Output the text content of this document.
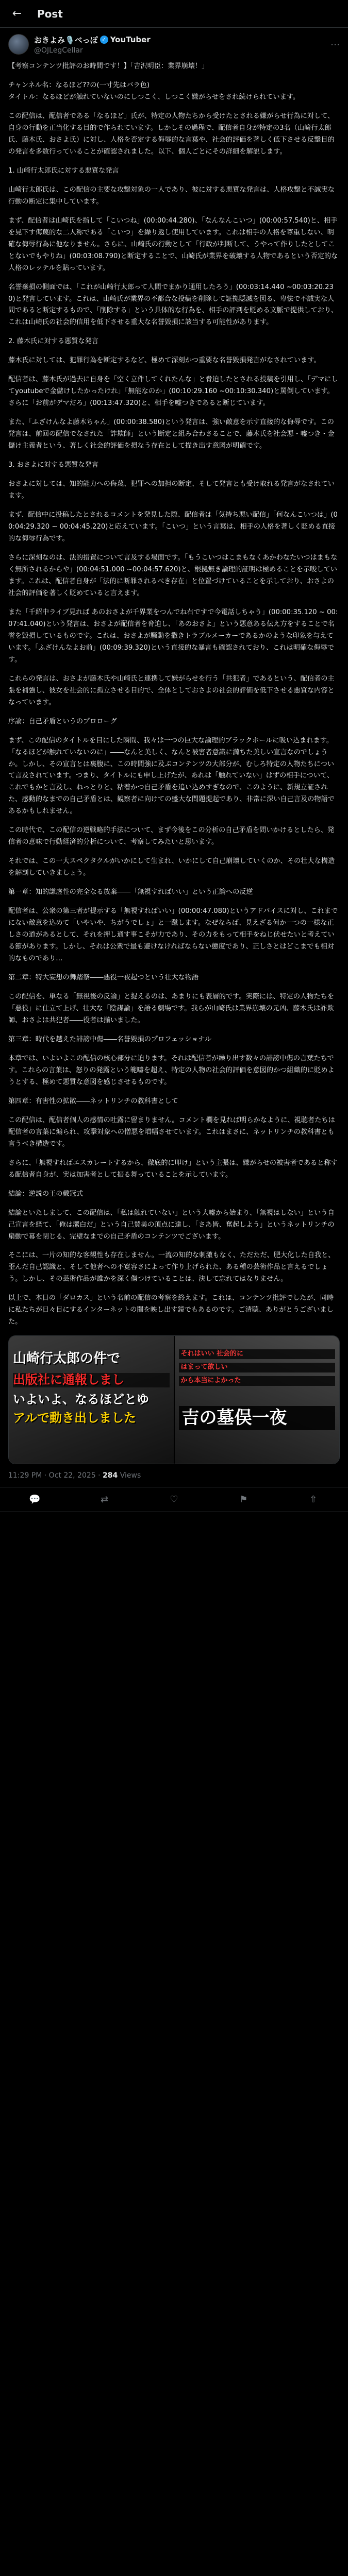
←	Post
おきよみ🎙️べっぽ ✓ YouTuber
@OJLegCellar
⋯

【考察コンテンツ批評のお時間です！】「吉沢明臣：業界崩壊！」

チャンネル名：なるほど??の(一寸先はバラ色)
タイトル：なるほどが触れていないのにしつこく、しつこく嫌がらせをされ続けられています。

この配信は、配信者である「なるほど」氏が、特定の人物たちから受けたとされる嫌がらせ行為に対して、自身の行動を正当化する目的で作られています。しかしその過程で、配信者自身が特定の3名（山﨑行太郎氏、藤木氏、おさよ氏）に対し、人格を否定する侮辱的な言葉や、社会的評価を著しく低下させる反撃目的の発言を多数行っていることが確認されました。以下、個人ごとにその詳細を解説します。

1. 山崎行太郎氏に対する悪質な発言

山崎行太郎氏は、この配信の主要な攻撃対象の一人であり、彼に対する悪質な発言は、人格攻撃と不誠実な行動の断定に集中しています。

まず、配信者は山崎氏を指して「こいつね」(00:00:44.280)、「なんなんこいつ」(00:00:57.540)と、相手を見下す侮蔑的な二人称である「こいつ」を繰り返し使用しています。これは相手の人格を尊重しない、明確な侮辱行為に他なりません。さらに、山崎氏の行動として「行政が判断して、うやって作りしたとしてことないでもやりね」(00:03:08.790)と断定することで、山崎氏が業界を破壊する人物であるという否定的な人格のレッテルを貼っています。

名誉棄損の側面では、「これが山崎行太郎って人間でまかり通用したろう」(00:03:14.440 ~00:03:20.230)と発言しています。これは、山崎氏が業界の不都合な投稿を削除して証拠隠滅を図る、卑怯で不誠実な人間であると断定するもので、「削除する」という具体的な行為を、相手の評判を貶める文脈で提供しており、これは山崎氏の社会的信用を低下させる重大な名誉毀損に該当する可能性があります。

2. 藤木氏に対する悪質な発言

藤木氏に対しては、犯罪行為を断定するなど、極めて深刻かつ重要な名誉毀損発言がなされています。

配信者は、藤木氏が過去に自身を「空く立件してくれたんな」と脅迫したとされる投稿を引用し、「デマにしてyoutubeで金儲けしたかったけれ」「無能なのか」(00:10:29.160 ~00:10:30.340)と罵倒しています。さらに「お前がデマだろ」(00:13:47.320)と、相手を嘘つきであると断じています。

また、「ふざけんなよ藤木ちゃん」(00:00:38.580)という発言は、強い敵意を示す直接的な侮辱です。この発言は、前回の配信でなされた「詐欺師」という断定と組み合わさることで、藤木氏を社会悪・嘘つき・金儲け主義者という、著しく社会的評価を損なう存在として描き出す意図が明確です。

3. おさよに対する悪質な発言

おさよに対しては、知的能力への侮蔑、犯罪への加担の断定、そして発言とも受け取れる発言がなされています。

まず、配信中に投稿したとされるコメントを発見した際、配信者は「気持ち悪い配信」「何なんこいつは」(00:04:29.320 ~ 00:04:45.220)と応えています。「こいつ」という言葉は、相手の人格を著しく貶める直接的な侮辱行為です。

さらに深刻なのは、法的措置について言及する場面です。「もうこいつはこまもなくあかわなたいつはまもなく無所されるからや」(00:04:51.000 ~00:04:57.620)と、根拠無き論理的証明は極めることを示唆しています。これは、配信者自身が「法的に断罪されるべき存在」と位置づけていることを示しており、おさよの社会的評価を著しく貶めていると言えます。

また「千紹中ライブ見れば あのおさよが千界業をつんでね右ですで今電話しちゃう」(00:00:35.120 ~ 00:07:41.040)という発言は、おさよが配信者を脅迫し、「あのおさよ」という悪意ある伝え方をすることで名誉を毀損しているものです。これは、おさよが騒動を撒きトラブルメーカーであるかのような印象を与えています。「ふざけんなよお前」(00:09:39.320)という直接的な暴言も確認されており、これは明確な侮辱です。

これらの発言は、おさよが藤木氏や山崎氏と連携して嫌がらせを行う「共犯者」であるという、配信者の主張を補強し、彼女を社会的に孤立させる目的で、全体としておさよの社会的評価を低下させる悪質な内容となっています。

序論：自己矛盾というのプロローグ

まず、この配信のタイトルを目にした瞬間、我々は一つの巨大な論理的ブラックホールに吸い込まれます。「なるほどが触れていないのに」――なんと美しく、なんと被害者意識に満ちた美しい宣言なのでしょうか。しかし、その宣言とは裏腹に、この時間強に及ぶコンテンツの大部分が、むしろ特定の人物たちについて言及されています。つまり、タイトルにも申し上げたが、あれは「触れていない」はずの相手について、これでもかと言及し、ねっとりと、粘着かつ自己矛盾を追い込めすぎなので、このように、新規立証された、感動的なまでの自己矛盾とは、観察者に向けての盛大な問題提起であり、非常に深い自己言及の物語であるかもしれません。

この時代で、この配信の逆戦略的手法について、まず今後をこの分析の自己矛盾を問いかけるとしたら、発信者の意味で行動経済的分析について、考察してみたいと思います。

それでは、この一大スペクタクルがいかにして生まれ、いかにして自己崩壊していくのか、その壮大な構造を解剖していきましょう。

第一章：知的謙虚性の完全なる放棄――「無視すればいい」という正論への反逆

配信者は、公衆の第三者が提示する「無視すればいい」(00:00:47.080)というアドバイスに対し、これまでにない敵意を込めて「いやいや、ちがうでしょ」と一蹴します。なぜならば、見えざる何か一つの一様な正しさの道があるとして、それを押し通す事こそが力であり、その力をもって相手をねじ伏せたいと考えている節があります。しかし、それは公衆で最も避けなければならない態度であり、正しさとはどこまでも相対的なものであり…

第二章：特大妄想の舞踏祭――悪役一夜起つという壮大な物語

この配信を、単なる「無視後の反論」と捉えるのは、あまりにも表層的です。実際には、特定の人物たちを「悪役」に仕立て上げ、壮大な「陰謀論」を語る劇場です。我らが山崎氏は業界崩壊の元凶、藤木氏は詐欺師、おさよは共犯者――役者は揃いました。

第三章：時代を越えた誹謗中傷――名誉毀損のプロフェッショナル

本章では、いよいよこの配信の核心部分に迫ります。それは配信者が繰り出す数々の誹謗中傷の言葉たちです。これらの言葉は、怒りの発露という範疇を超え、特定の人物の社会的評価を意図的かつ組織的に貶めようとする、極めて悪質な意図を感じさせるものです。

第四章：有害性の拡散――ネットリンチの教科書として

この配信は、配信者個人の感情の吐露に留まりません。コメント欄を見れば明らかなように、視聴者たちは配信者の言葉に煽られ、攻撃対象への憎悪を増幅させています。これはまさに、ネットリンチの教科書とも言うべき構造です。

さらに、「無視すればエスカレートするから、徹底的に叩け」という主張は、嫌がらせの被害者であると称する配信者自身が、実は加害者として振る舞っていることを示しています。

結論：逆説の王の戴冠式

結論といたしまして、この配信は、「私は触れていない」という大嘘から始まり、「無視はしない」という自己宣言を経て、「俺は潔白だ」という自己賛美の頂点に達し、「さあ皆、奮起しよう」というネットリンチの扇動で幕を閉じる、完璧なまでの自己矛盾のコンテンツでございます。

そこには、一片の知的な客観性も存在しません。一流の知的な刺激もなく、ただただ、肥大化した自我と、歪んだ自己認識と、そして他者への不寛容さによって作り上げられた、ある種の芸術作品と言えるでしょう。しかし、その芸術作品が誰かを深く傷つけていることは、決して忘れてはなりません。

以上で、本日の「ダロカス」という名前の配信の考察を終えます。これは、コンテンツ批評でしたが、同時に私たちが日々目にするインターネットの闇を映し出す鏡でもあるのです。ご清聴、ありがとうございました。

山崎行太郎の件で
出版社に通報しまし
いよいよ、なるほどとゆ
アルで動き出しました
それはいい 社会的に
はまって欲しい
から本当によかった
吉の墓俣一夜
11:29 PM · Oct 22, 2025 · 284 Views
💬	⇄	♡	⚑	⇧
